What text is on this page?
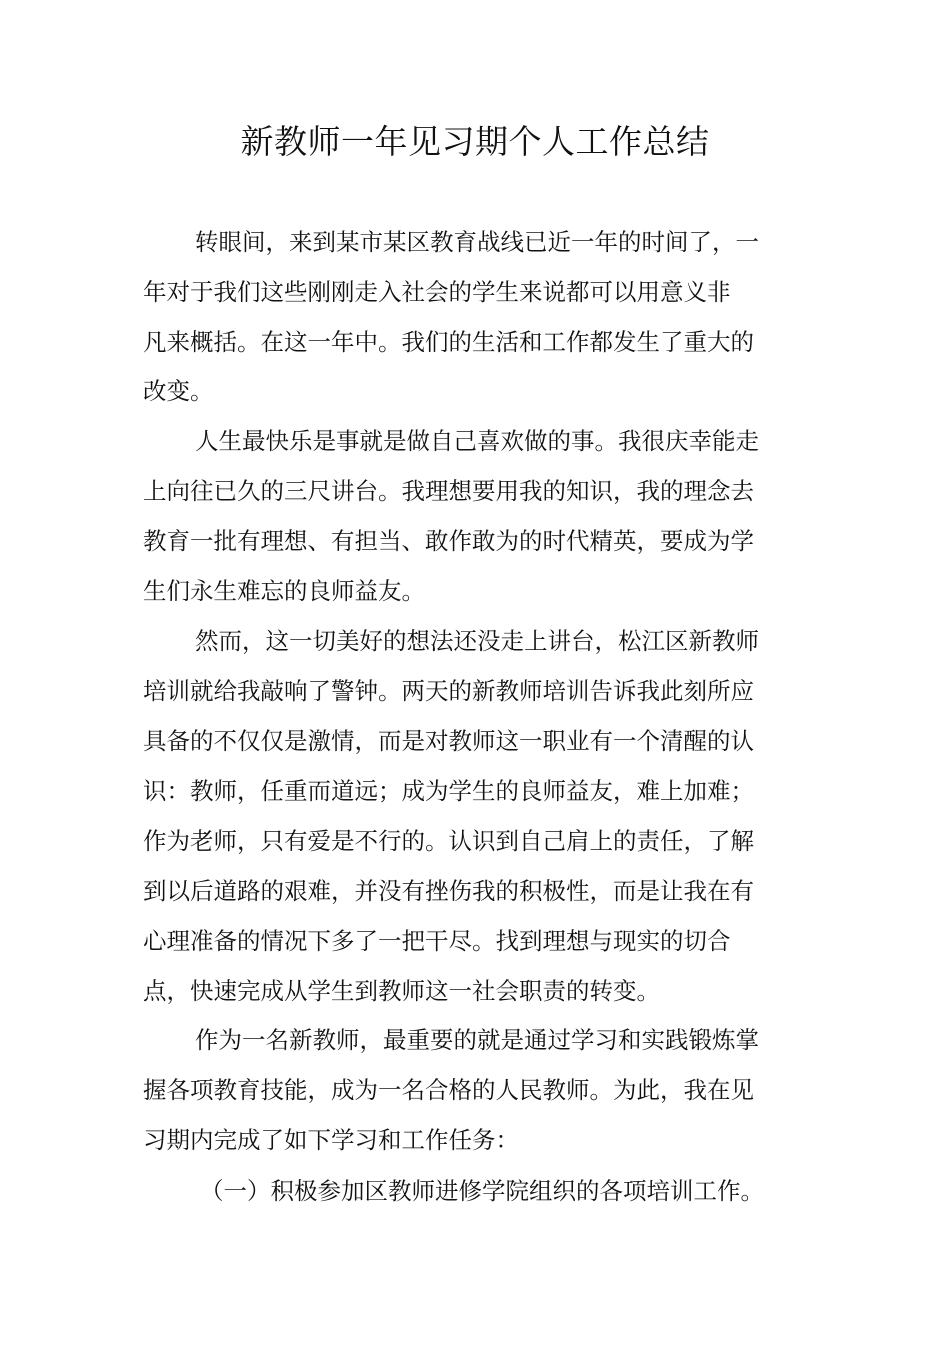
新教师一年见习期个人工作总结

转眼间，来到某市某区教育战线已近一年的时间了，一

年对于我们这些刚刚走入社会的学生来说都可以用意义非

凡来概括。在这一年中。我们的生活和工作都发生了重大的

改变。

人生最快乐是事就是做自己喜欢做的事。我很庆幸能走

上向往已久的三尺讲台。我理想要用我的知识，我的理念去

教育一批有理想、有担当、敢作敢为的时代精英，要成为学

生们永生难忘的良师益友。

然而，这一切美好的想法还没走上讲台，松江区新教师

培训就给我敲响了警钟。两天的新教师培训告诉我此刻所应

具备的不仅仅是激情，而是对教师这一职业有一个清醒的认

识：教师，任重而道远；成为学生的良师益友，难上加难；

作为老师，只有爱是不行的。认识到自己肩上的责任，了解

到以后道路的艰难，并没有挫伤我的积极性，而是让我在有

心理准备的情况下多了一把干尽。找到理想与现实的切合

点，快速完成从学生到教师这一社会职责的转变。

作为一名新教师，最重要的就是通过学习和实践锻炼掌

握各项教育技能，成为一名合格的人民教师。为此，我在见

习期内完成了如下学习和工作任务：

（一）积极参加区教师进修学院组织的各项培训工作。
